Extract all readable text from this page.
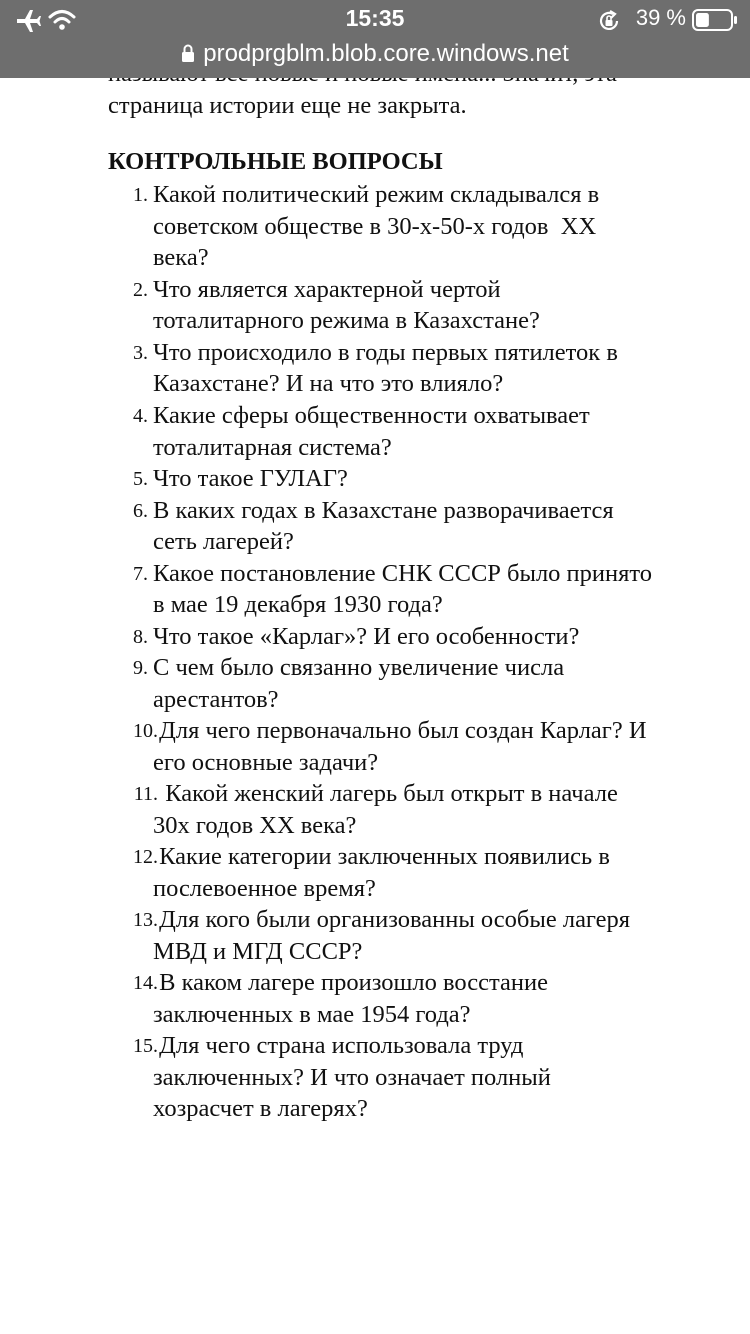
страница истории еще не закрыта.
КОНТРОЛЬНЫЕ ВОПРОСЫ
1. Какой политический режим складывался в
советском обществе в 30-х-50-х годов  ХХ
века?
2. Что является характерной чертой
тоталитарного режима в Казахстане?
3. Что происходило в годы первых пятилеток в
Казахстане? И на что это влияло?
4. Какие сферы общественности охватывает
тоталитарная система?
5. Что такое ГУЛАГ?
6. В каких годах в Казахстане разворачивается
сеть лагерей?
7. Какое постановление СНК СССР было принято
в мае 19 декабря 1930 года?
8. Что такое «Карлаг»? И его особенности?
9. С чем было связанно увеличение числа
арестантов?
10.
Для чего первоначально был создан Карлаг? И
его основные задачи?
11.
Какой женский лагерь был открыт в начале
30х годов ХХ века?
12.
Какие категории заключенных появились в
послевоенное время?
13.
Для кого были организованны особые лагеря
МВД и МГД СССР?
14.
В каком лагере произошло восстание
заключенных в мае 1954 года?
15.
Для чего страна использовала труд
заключенных? И что означает полный
хозрасчет в лагерях?
15:35	39 %
prodprgblm.blob.core.windows.net
